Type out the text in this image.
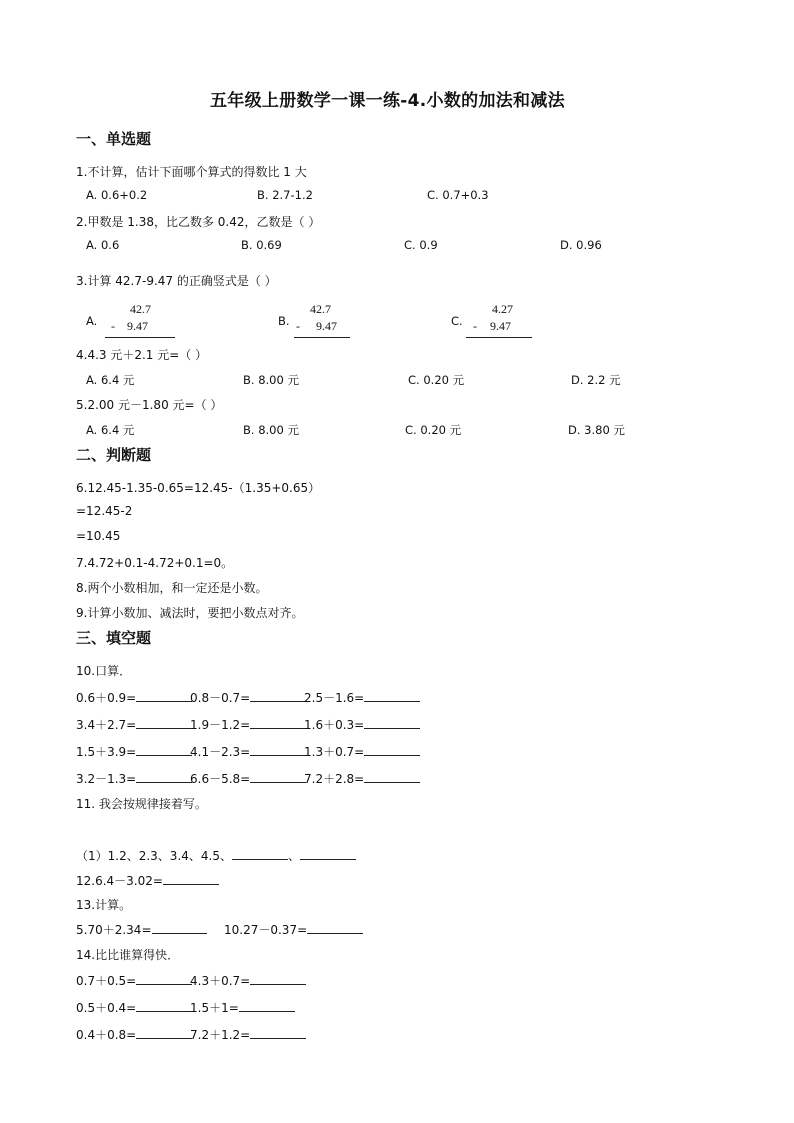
五年级上册数学一课一练-4.小数的加法和减法
一、单选题
1.不计算，估计下面哪个算式的得数比 1 大
A. 0.6+0.2	B. 2.7-1.2	C. 0.7+0.3
2.甲数是 1.38，比乙数多 0.42，乙数是（ ）
A. 0.6	B. 0.69	C. 0.9	D. 0.96
3.计算 42.7-9.47 的正确竖式是（ ）
A.
42.7
- 9.47	B.
42.7
- 9.47	C.
4.27
- 9.47
4.4.3 元＋2.1 元=（ ）
A. 6.4 元	B. 8.00 元	C. 0.20 元	D. 2.2 元
5.2.00 元－1.80 元=（ ）
A. 6.4 元	B. 8.00 元	C. 0.20 元	D. 3.80 元
二、判断题
6.12.45-1.35-0.65=12.45-（1.35+0.65）
=12.45-2
=10.45
7.4.72+0.1-4.72+0.1=0。
8.两个小数相加，和一定还是小数。
9.计算小数加、减法时，要把小数点对齐。
三、填空题
10.口算．
0.6＋0.9=	0.8－0.7=	2.5－1.6=
3.4＋2.7=	1.9－1.2=	1.6＋0.3=
1.5＋3.9=	4.1－2.3=	1.3＋0.7=
3.2－1.3=	6.6－5.8=	7.2＋2.8=
11. 我会按规律接着写。
（1）1.2、2.3、3.4、4.5、	、
12.6.4－3.02=
13.计算。
5.70＋2.34=	10.27－0.37=
14.比比谁算得快．
0.7＋0.5=	4.3＋0.7=
0.5＋0.4=	1.5＋1=
0.4＋0.8=	7.2＋1.2=
